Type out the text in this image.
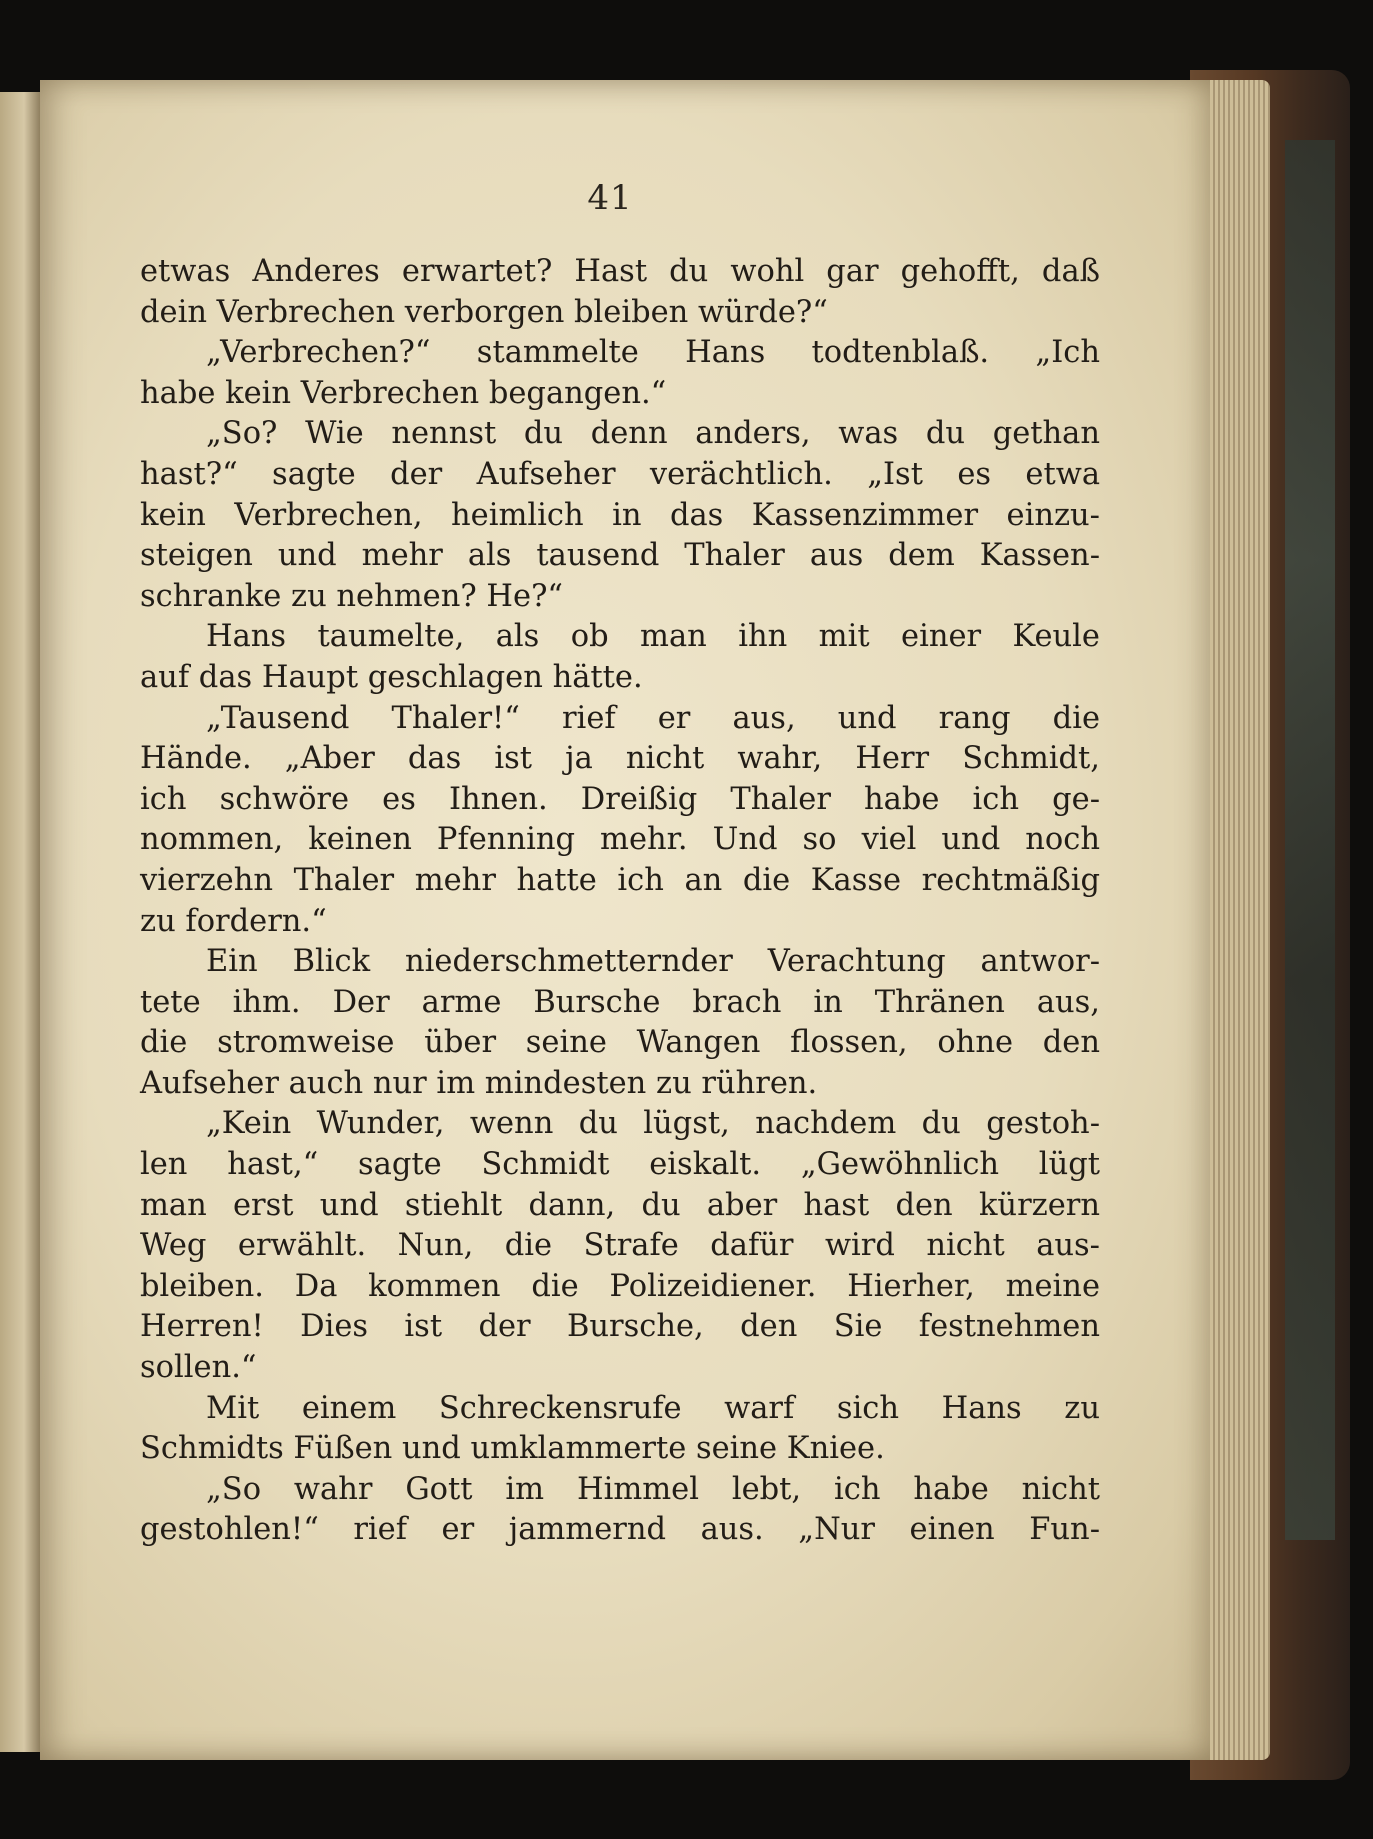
41
etwas Anderes erwartet? Hast du wohl gar gehofft, daß
dein Verbrechen verborgen bleiben würde?“
„Verbrechen?“ stammelte Hans todtenblaß. „Ich
habe kein Verbrechen begangen.“
„So? Wie nennst du denn anders, was du gethan
hast?“ sagte der Aufseher verächtlich. „Ist es etwa
kein Verbrechen, heimlich in das Kassenzimmer einzu-
steigen und mehr als tausend Thaler aus dem Kassen-
schranke zu nehmen? He?“
Hans taumelte, als ob man ihn mit einer Keule
auf das Haupt geschlagen hätte.
„Tausend Thaler!“ rief er aus, und rang die
Hände. „Aber das ist ja nicht wahr, Herr Schmidt,
ich schwöre es Ihnen. Dreißig Thaler habe ich ge-
nommen, keinen Pfenning mehr. Und so viel und noch
vierzehn Thaler mehr hatte ich an die Kasse rechtmäßig
zu fordern.“
Ein Blick niederschmetternder Verachtung antwor-
tete ihm. Der arme Bursche brach in Thränen aus,
die stromweise über seine Wangen flossen, ohne den
Aufseher auch nur im mindesten zu rühren.
„Kein Wunder, wenn du lügst, nachdem du gestoh-
len hast,“ sagte Schmidt eiskalt. „Gewöhnlich lügt
man erst und stiehlt dann, du aber hast den kürzern
Weg erwählt. Nun, die Strafe dafür wird nicht aus-
bleiben. Da kommen die Polizeidiener. Hierher, meine
Herren! Dies ist der Bursche, den Sie festnehmen
sollen.“
Mit einem Schreckensrufe warf sich Hans zu
Schmidts Füßen und umklammerte seine Kniee.
„So wahr Gott im Himmel lebt, ich habe nicht
gestohlen!“ rief er jammernd aus. „Nur einen Fun-
